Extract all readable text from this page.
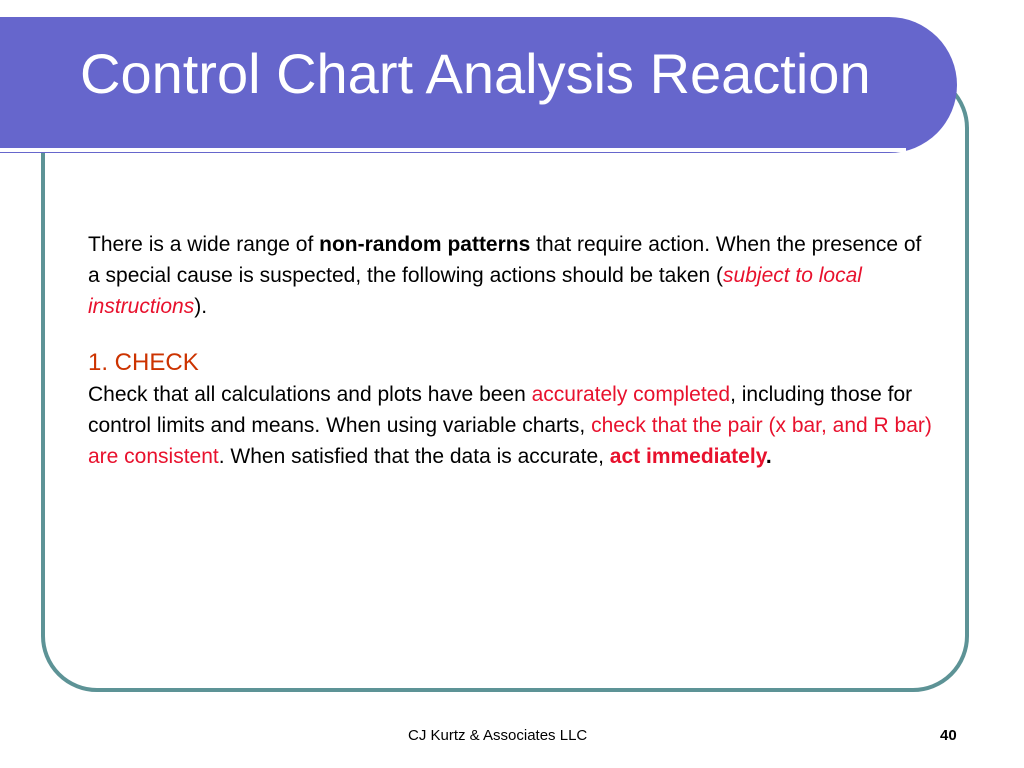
Control Chart Analysis Reaction

There is a wide range of non-random patterns that require action. When the presence of a special cause is suspected, the following actions should be taken (subject to local instructions).

1. CHECK

Check that all calculations and plots have been accurately completed, including those for control limits and means. When using variable charts, check that the pair (x bar, and R bar) are consistent. When satisfied that the data is accurate, act immediately.

CJ Kurtz & Associates LLC	40
